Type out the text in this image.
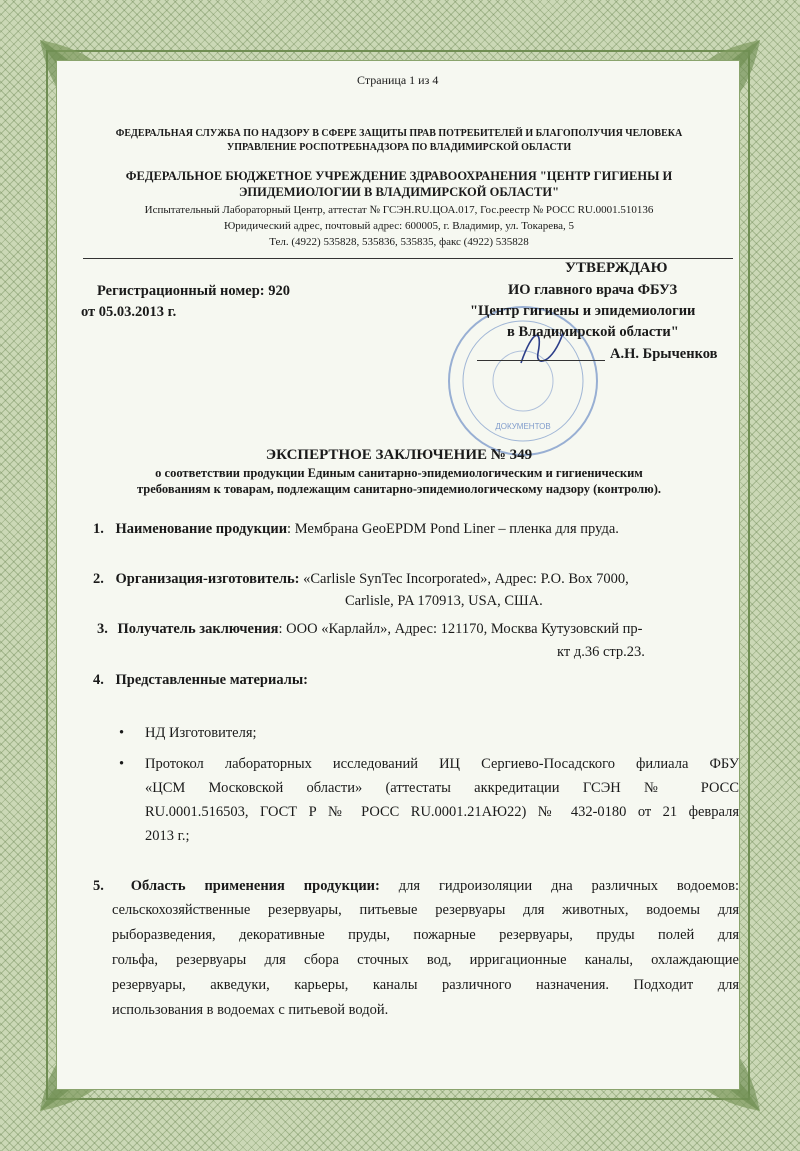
Страница 1 из 4
ФЕДЕРАЛЬНАЯ СЛУЖБА ПО НАДЗОРУ В СФЕРЕ ЗАЩИТЫ ПРАВ ПОТРЕБИТЕЛЕЙ И БЛАГОПОЛУЧИЯ ЧЕЛОВЕКА
УПРАВЛЕНИЕ РОСПОТРЕБНАДЗОРА ПО ВЛАДИМИРСКОЙ ОБЛАСТИ
ФЕДЕРАЛЬНОЕ БЮДЖЕТНОЕ УЧРЕЖДЕНИЕ ЗДРАВООХРАНЕНИЯ "ЦЕНТР ГИГИЕНЫ И
ЭПИДЕМИОЛОГИИ В ВЛАДИМИРСКОЙ ОБЛАСТИ"
Испытательный Лабораторный Центр, аттестат № ГСЭН.RU.ЦОА.017, Гос.реестр № РОСС RU.0001.510136
Юридический адрес, почтовый адрес: 600005, г. Владимир, ул. Токарева, 5
Тел. (4922) 535828, 535836, 535835, факс (4922) 535828
Регистрационный номер: 920
от 05.03.2013 г.
ДОКУМЕНТОВ
УТВЕРЖДАЮ
ИО главного врача ФБУЗ
"Центр гигиены и эпидемиологии
в Владимирской области"
А.Н. Брыченков
ЭКСПЕРТНОЕ ЗАКЛЮЧЕНИЕ № 349
о соответствии продукции Единым санитарно-эпидемиологическим и гигиеническим
требованиям к товарам, подлежащим санитарно-эпидемиологическому надзору (контролю).
1. Наименование продукции: Мембрана GeoEPDM Pond Liner – пленка для пруда.
2. Организация-изготовитель: «Carlisle SynTec Incorporated», Адрес: P.O. Box 7000,
Carlisle, PA 170913, USA, США.
3. Получатель заключения: ООО «Карлайл», Адрес: 121170, Москва Кутузовский пр-
кт д.36 стр.23.
4. Представленные материалы:
• НД Изготовителя;
• Протокол лабораторных исследований ИЦ Сергиево-Посадского филиала ФБУ
«ЦСМ Московской области» (аттестаты аккредитации ГСЭН № РОСС
RU.0001.516503, ГОСТ Р № РОСС RU.0001.21АЮ22) № 432-0180 от 21 февраля
2013 г.;
5. Область применения продукции: для гидроизоляции дна различных водоемов:
сельскохозяйственные резервуары, питьевые резервуары для животных, водоемы для
рыборазведения, декоративные пруды, пожарные резервуары, пруды полей для
гольфа, резервуары для сбора сточных вод, ирригационные каналы, охлаждающие
резервуары, акведуки, карьеры, каналы различного назначения. Подходит для
использования в водоемах с питьевой водой.
